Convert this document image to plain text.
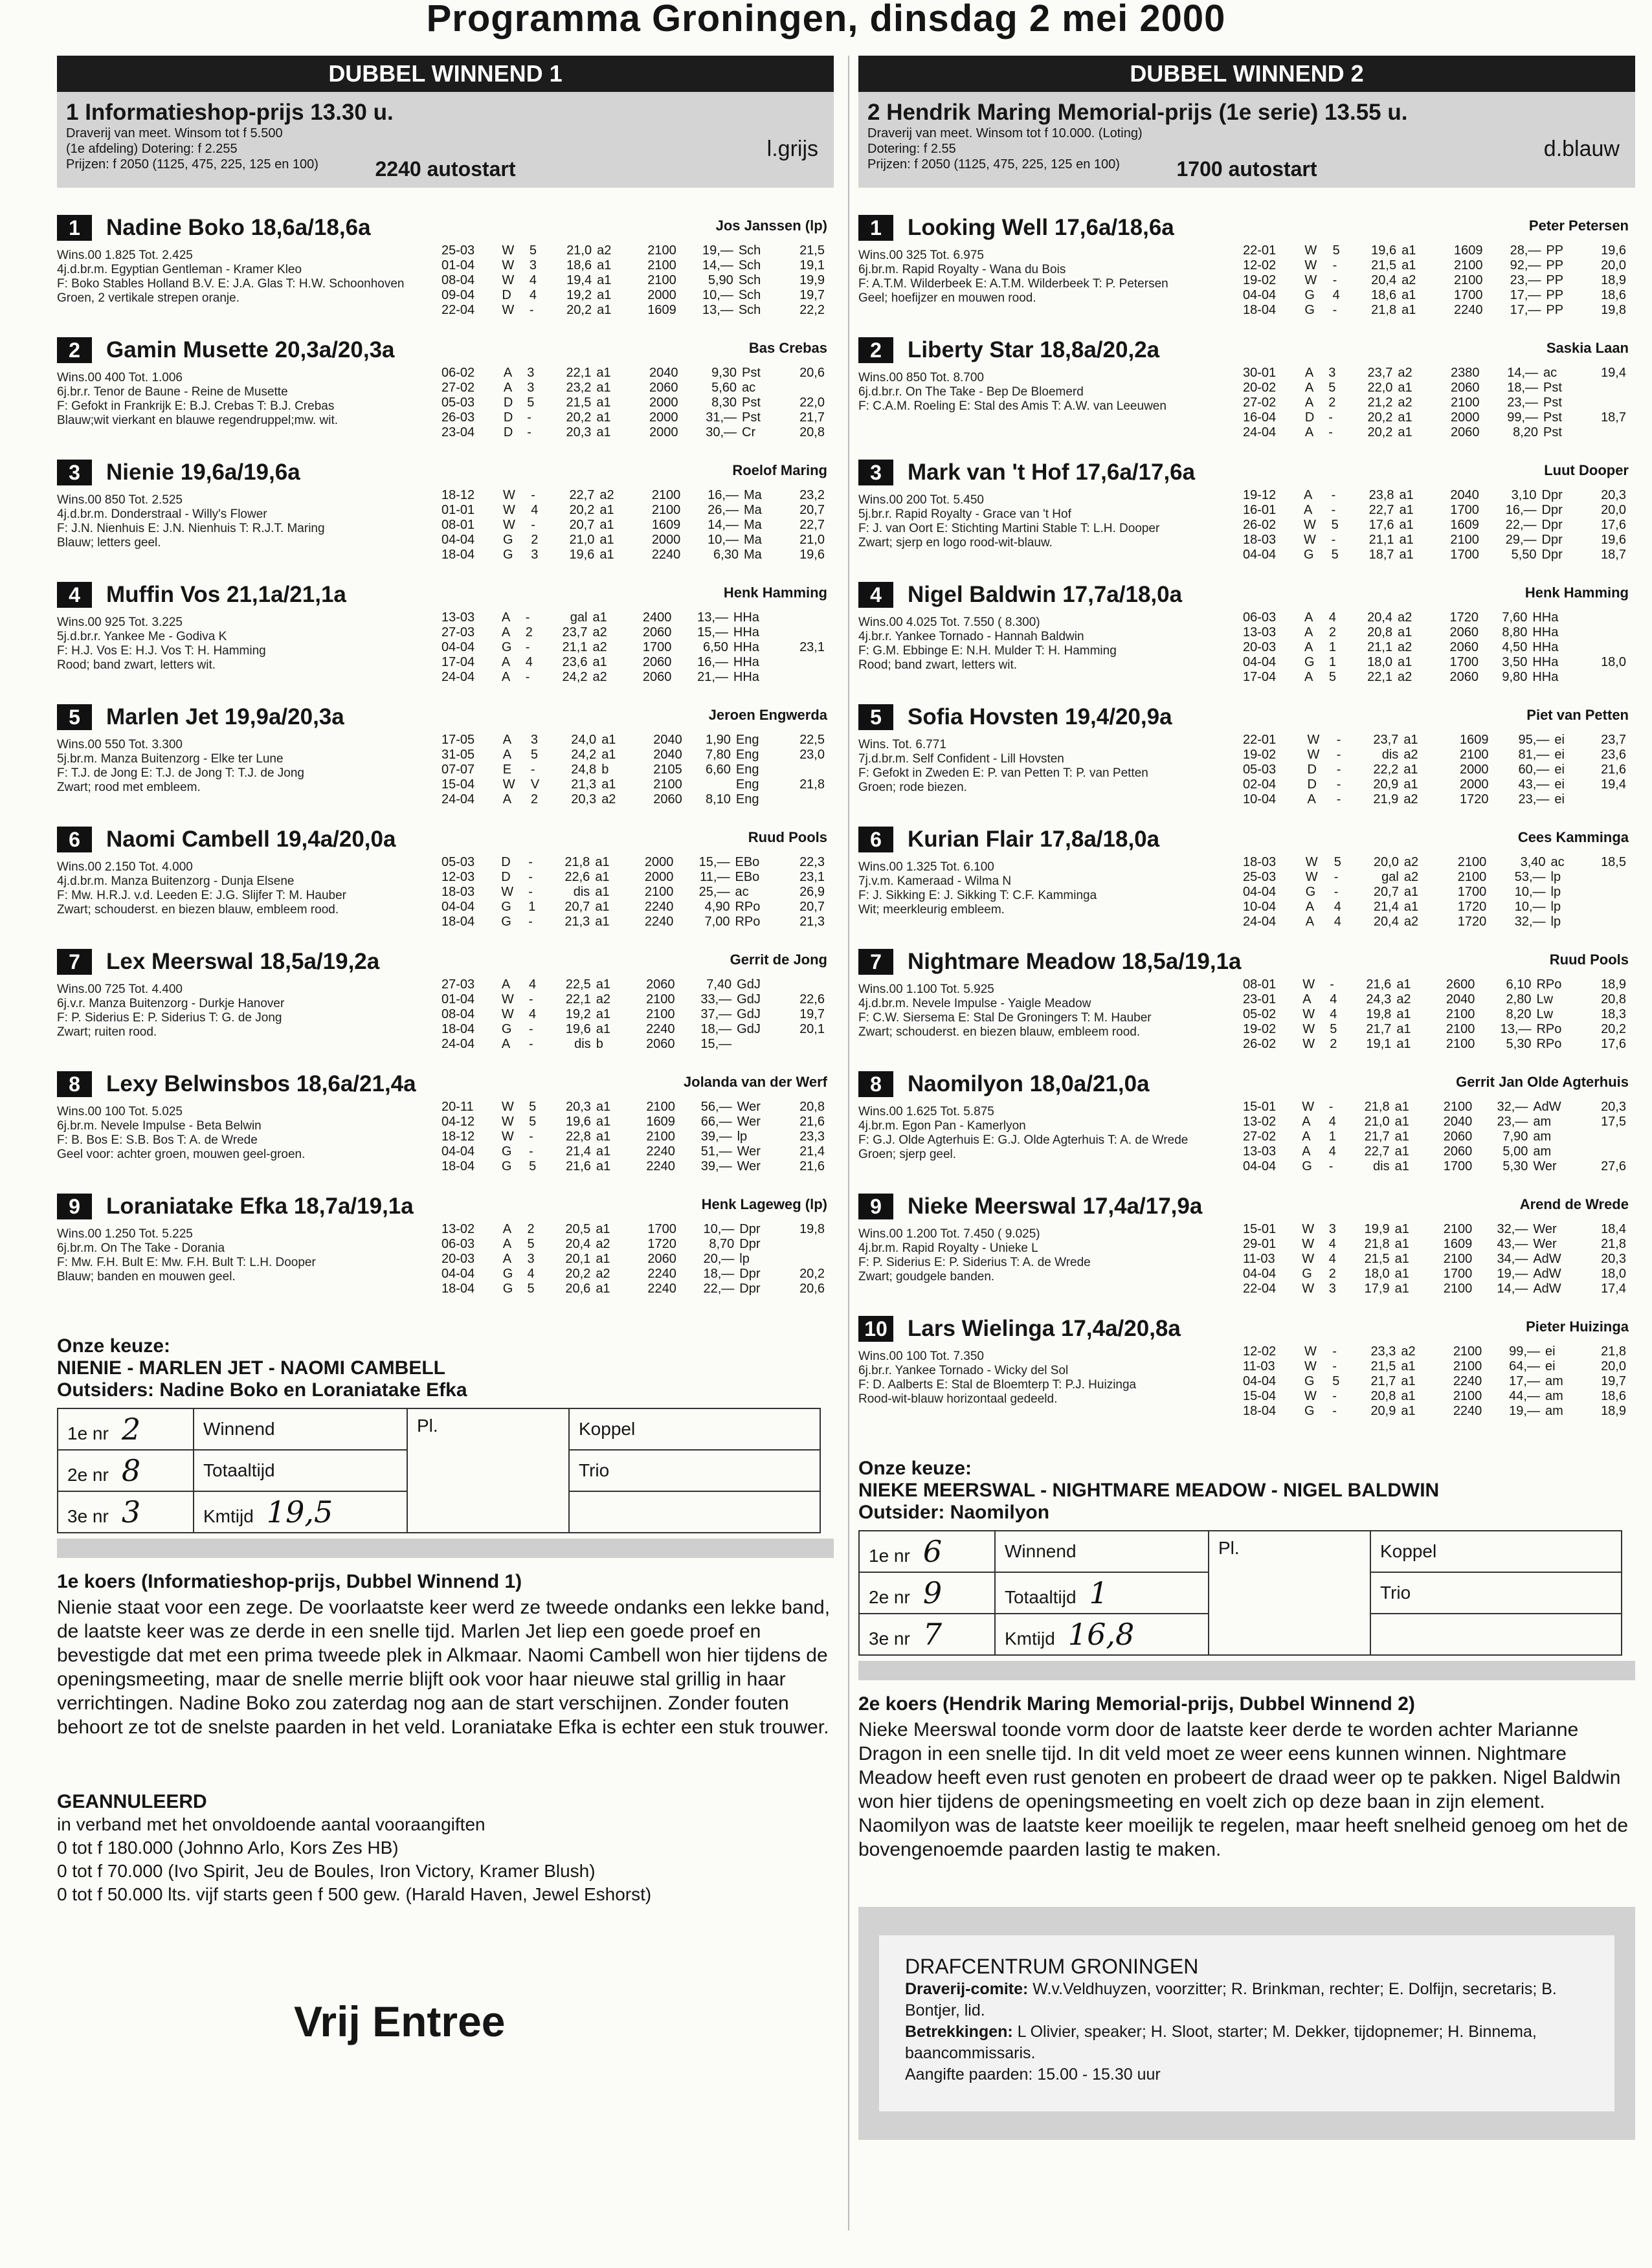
Programma Groningen, dinsdag 2 mei 2000
DUBBEL WINNEND 1
1 Informatieshop-prijs 13.30 u.
Draverij van meet. Winsom tot f 5.500
(1e afdeling) Dotering: f 2.255
Prijzen: f 2050 (1125, 475, 225, 125 en 100)
l.grijs
2240 autostart
1 Nadine Boko 18,6a/18,6a	Jos Janssen (lp)
Wins.00 1.825 Tot. 2.425
4j.d.br.m. Egyptian Gentleman - Kramer Kleo
F: Boko Stables Holland B.V. E: J.A. Glas T: H.W. Schoonhoven
Groen, 2 vertikale strepen oranje.
25-03	W	5	21,0	a2	2100	19,—	Sch	21,5
01-04	W	3	18,6	a1	2100	14,—	Sch	19,1
08-04	W	4	19,4	a1	2100	5,90	Sch	19,9
09-04	D	4	19,2	a1	2000	10,—	Sch	19,7
22-04	W	-	20,2	a1	1609	13,—	Sch	22,2
2 Gamin Musette 20,3a/20,3a	Bas Crebas
Wins.00 400 Tot. 1.006
6j.br.r. Tenor de Baune - Reine de Musette
F: Gefokt in Frankrijk E: B.J. Crebas T: B.J. Crebas
Blauw;wit vierkant en blauwe regendruppel;mw. wit.
06-02	A	3	22,1	a1	2040	9,30	Pst	20,6
27-02	A	3	23,2	a1	2060	5,60	ac	
05-03	D	5	21,5	a1	2000	8,30	Pst	22,0
26-03	D	-	20,2	a1	2000	31,—	Pst	21,7
23-04	D	-	20,3	a1	2000	30,—	Cr	20,8
3 Nienie 19,6a/19,6a	Roelof Maring
Wins.00 850 Tot. 2.525
4j.d.br.m. Donderstraal - Willy's Flower
F: J.N. Nienhuis E: J.N. Nienhuis T: R.J.T. Maring
Blauw; letters geel.
18-12	W	-	22,7	a2	2100	16,—	Ma	23,2
01-01	W	4	20,2	a1	2100	26,—	Ma	20,7
08-01	W	-	20,7	a1	1609	14,—	Ma	22,7
04-04	G	2	21,0	a1	2000	10,—	Ma	21,0
18-04	G	3	19,6	a1	2240	6,30	Ma	19,6
4 Muffin Vos 21,1a/21,1a	Henk Hamming
Wins.00 925 Tot. 3.225
5j.d.br.r. Yankee Me - Godiva K
F: H.J. Vos E: H.J. Vos T: H. Hamming
Rood; band zwart, letters wit.
13-03	A	-	gal	a1	2400	13,—	HHa	
27-03	A	2	23,7	a2	2060	15,—	HHa	
04-04	G	-	21,1	a2	1700	6,50	HHa	23,1
17-04	A	4	23,6	a1	2060	16,—	HHa	
24-04	A	-	24,2	a2	2060	21,—	HHa	
5 Marlen Jet 19,9a/20,3a	Jeroen Engwerda
Wins.00 550 Tot. 3.300
5j.br.m. Manza Buitenzorg - Elke ter Lune
F: T.J. de Jong E: T.J. de Jong T: T.J. de Jong
Zwart; rood met embleem.
17-05	A	3	24,0	a1	2040	1,90	Eng	22,5
31-05	A	5	24,2	a1	2040	7,80	Eng	23,0
07-07	E	-	24,8	b	2105	6,60	Eng	
15-04	W	V	21,3	a1	2100		Eng	21,8
24-04	A	2	20,3	a2	2060	8,10	Eng	
6 Naomi Cambell 19,4a/20,0a	Ruud Pools
Wins.00 2.150 Tot. 4.000
4j.d.br.m. Manza Buitenzorg - Dunja Elsene
F: Mw. H.R.J. v.d. Leeden E: J.G. Slijfer T: M. Hauber
Zwart; schouderst. en biezen blauw, embleem rood.
05-03	D	-	21,8	a1	2000	15,—	EBo	22,3
12-03	D	-	22,6	a1	2000	11,—	EBo	23,1
18-03	W	-	dis	a1	2100	25,—	ac	26,9
04-04	G	1	20,7	a1	2240	4,90	RPo	20,7
18-04	G	-	21,3	a1	2240	7,00	RPo	21,3
7 Lex Meerswal 18,5a/19,2a	Gerrit de Jong
Wins.00 725 Tot. 4.400
6j.v.r. Manza Buitenzorg - Durkje Hanover
F: P. Siderius E: P. Siderius T: G. de Jong
Zwart; ruiten rood.
27-03	A	4	22,5	a1	2060	7,40	GdJ	
01-04	W	-	22,1	a2	2100	33,—	GdJ	22,6
08-04	W	4	19,2	a1	2100	37,—	GdJ	19,7
18-04	G	-	19,6	a1	2240	18,—	GdJ	20,1
24-04	A	-	dis	b	2060	15,—		
8 Lexy Belwinsbos 18,6a/21,4a	Jolanda van der Werf
Wins.00 100 Tot. 5.025
6j.br.m. Nevele Impulse - Beta Belwin
F: B. Bos E: S.B. Bos T: A. de Wrede
Geel voor: achter groen, mouwen geel-groen.
20-11	W	5	20,3	a1	2100	56,—	Wer	20,8
04-12	W	5	19,6	a1	1609	66,—	Wer	21,6
18-12	W	-	22,8	a1	2100	39,—	lp	23,3
04-04	G	-	21,4	a1	2240	51,—	Wer	21,4
18-04	G	5	21,6	a1	2240	39,—	Wer	21,6
9 Loraniatake Efka 18,7a/19,1a	Henk Lageweg (lp)
Wins.00 1.250 Tot. 5.225
6j.br.m. On The Take - Dorania
F: Mw. F.H. Bult E: Mw. F.H. Bult T: L.H. Dooper
Blauw; banden en mouwen geel.
13-02	A	2	20,5	a1	1700	10,—	Dpr	19,8
06-03	A	5	20,4	a2	1720	8,70	Dpr	
20-03	A	3	20,1	a1	2060	20,—	lp	
04-04	G	4	20,2	a2	2240	18,—	Dpr	20,2
18-04	G	5	20,6	a1	2240	22,—	Dpr	20,6
Onze keuze:
NIENIE - MARLEN JET - NAOMI CAMBELL
Outsiders: Nadine Boko en Loraniatake Efka
1e nr 2	Winnend	Pl.	Koppel
2e nr 8	Totaaltijd		Trio
3e nr 3	Kmtijd 19,5		
1e koers (Informatieshop-prijs, Dubbel Winnend 1)
Nienie staat voor een zege. De voorlaatste keer werd ze tweede ondanks een lekke band, de laatste keer was ze derde in een snelle tijd. Marlen Jet liep een goede proef en bevestigde dat met een prima tweede plek in Alkmaar. Naomi Cambell won hier tijdens de openingsmeeting, maar de snelle merrie blijft ook voor haar nieuwe stal grillig in haar verrichtingen. Nadine Boko zou zaterdag nog aan de start verschijnen. Zonder fouten behoort ze tot de snelste paarden in het veld. Loraniatake Efka is echter een stuk trouwer.
GEANNULEERD
in verband met het onvoldoende aantal vooraangiften
0 tot f 180.000 (Johnno Arlo, Kors Zes HB)
0 tot f 70.000 (Ivo Spirit, Jeu de Boules, Iron Victory, Kramer Blush)
0 tot f 50.000 lts. vijf starts geen f 500 gew. (Harald Haven, Jewel Eshorst)
Vrij Entree
DUBBEL WINNEND 2
2 Hendrik Maring Memorial-prijs (1e serie) 13.55 u.
Draverij van meet. Winsom tot f 10.000. (Loting)
Dotering: f 2.55
Prijzen: f 2050 (1125, 475, 225, 125 en 100)
d.blauw
1700 autostart
1 Looking Well 17,6a/18,6a	Peter Petersen
Wins.00 325 Tot. 6.975
6j.br.m. Rapid Royalty - Wana du Bois
F: A.T.M. Wilderbeek E: A.T.M. Wilderbeek T: P. Petersen
Geel; hoefijzer en mouwen rood.
22-01	W	5	19,6	a1	1609	28,—	PP	19,6
12-02	W	-	21,5	a1	2100	92,—	PP	20,0
19-02	W	-	20,4	a2	2100	23,—	PP	18,9
04-04	G	4	18,6	a1	1700	17,—	PP	18,6
18-04	G	-	21,8	a1	2240	17,—	PP	19,8
2 Liberty Star 18,8a/20,2a	Saskia Laan
Wins.00 850 Tot. 8.700
6j.d.br.r. On The Take - Bep De Bloemerd
F: C.A.M. Roeling E: Stal des Amis T: A.W. van Leeuwen
30-01	A	3	23,7	a2	2380	14,—	ac	19,4
20-02	A	5	22,0	a1	2060	18,—	Pst	
27-02	A	2	21,2	a2	2100	23,—	Pst	
16-04	D	-	20,2	a1	2000	99,—	Pst	18,7
24-04	A	-	20,2	a1	2060	8,20	Pst	
3 Mark van 't Hof 17,6a/17,6a	Luut Dooper
Wins.00 200 Tot. 5.450
5j.br.r. Rapid Royalty - Grace van 't Hof
F: J. van Oort E: Stichting Martini Stable T: L.H. Dooper
Zwart; sjerp en logo rood-wit-blauw.
19-12	A	-	23,8	a1	2040	3,10	Dpr	20,3
16-01	A	-	22,7	a1	1700	16,—	Dpr	20,0
26-02	W	5	17,6	a1	1609	22,—	Dpr	17,6
18-03	W	-	21,1	a1	2100	29,—	Dpr	19,6
04-04	G	5	18,7	a1	1700	5,50	Dpr	18,7
4 Nigel Baldwin 17,7a/18,0a	Henk Hamming
Wins.00 4.025 Tot. 7.550 ( 8.300)
4j.br.r. Yankee Tornado - Hannah Baldwin
F: G.M. Ebbinge E: N.H. Mulder T: H. Hamming
Rood; band zwart, letters wit.
06-03	A	4	20,4	a2	1720	7,60	HHa	
13-03	A	2	20,8	a1	2060	8,80	HHa	
20-03	A	1	21,1	a2	2060	4,50	HHa	
04-04	G	1	18,0	a1	1700	3,50	HHa	18,0
17-04	A	5	22,1	a2	2060	9,80	HHa	
5 Sofia Hovsten 19,4/20,9a	Piet van Petten
Wins. Tot. 6.771
7j.d.br.m. Self Confident - Lill Hovsten
F: Gefokt in Zweden E: P. van Petten T: P. van Petten
Groen; rode biezen.
22-01	W	-	23,7	a1	1609	95,—	ei	23,7
19-02	W	-	dis	a2	2100	81,—	ei	23,6
05-03	D	-	22,2	a1	2000	60,—	ei	21,6
02-04	D	-	20,9	a1	2000	43,—	ei	19,4
10-04	A	-	21,9	a2	1720	23,—	ei	
6 Kurian Flair 17,8a/18,0a	Cees Kamminga
Wins.00 1.325 Tot. 6.100
7j.v.m. Kameraad - Wilma N
F: J. Sikking E: J. Sikking T: C.F. Kamminga
Wit; meerkleurig embleem.
18-03	W	5	20,0	a2	2100	3,40	ac	18,5
25-03	W	-	gal	a2	2100	53,—	lp	
04-04	G	-	20,7	a1	1700	10,—	lp	
10-04	A	4	21,4	a1	1720	10,—	lp	
24-04	A	4	20,4	a2	1720	32,—	lp	
7 Nightmare Meadow 18,5a/19,1a	Ruud Pools
Wins.00 1.100 Tot. 5.925
4j.d.br.m. Nevele Impulse - Yaigle Meadow
F: C.W. Siersema E: Stal De Groningers T: M. Hauber
Zwart; schouderst. en biezen blauw, embleem rood.
08-01	W	-	21,6	a1	2600	6,10	RPo	18,9
23-01	A	4	24,3	a2	2040	2,80	Lw	20,8
05-02	W	4	19,8	a1	2100	8,20	Lw	18,3
19-02	W	5	21,7	a1	2100	13,—	RPo	20,2
26-02	W	2	19,1	a1	2100	5,30	RPo	17,6
8 Naomilyon 18,0a/21,0a	Gerrit Jan Olde Agterhuis
Wins.00 1.625 Tot. 5.875
4j.br.m. Egon Pan - Kamerlyon
F: G.J. Olde Agterhuis E: G.J. Olde Agterhuis T: A. de Wrede
Groen; sjerp geel.
15-01	W	-	21,8	a1	2100	32,—	AdW	20,3
13-02	A	4	21,0	a1	2040	23,—	am	17,5
27-02	A	1	21,7	a1	2060	7,90	am	
13-03	A	4	22,7	a1	2060	5,00	am	
04-04	G	-	dis	a1	1700	5,30	Wer	27,6
9 Nieke Meerswal 17,4a/17,9a	Arend de Wrede
Wins.00 1.200 Tot. 7.450 ( 9.025)
4j.br.m. Rapid Royalty - Unieke L
F: P. Siderius E: P. Siderius T: A. de Wrede
Zwart; goudgele banden.
15-01	W	3	19,9	a1	2100	32,—	Wer	18,4
29-01	W	4	21,8	a1	1609	43,—	Wer	21,8
11-03	W	4	21,5	a1	2100	34,—	AdW	20,3
04-04	G	2	18,0	a1	1700	19,—	AdW	18,0
22-04	W	3	17,9	a1	2100	14,—	AdW	17,4
10 Lars Wielinga 17,4a/20,8a	Pieter Huizinga
Wins.00 100 Tot. 7.350
6j.br.r. Yankee Tornado - Wicky del Sol
F: D. Aalberts E: Stal de Bloemterp T: P.J. Huizinga
Rood-wit-blauw horizontaal gedeeld.
12-02	W	-	23,3	a2	2100	99,—	ei	21,8
11-03	W	-	21,5	a1	2100	64,—	ei	20,0
04-04	G	5	21,7	a1	2240	17,—	am	19,7
15-04	W	-	20,8	a1	2100	44,—	am	18,6
18-04	G	-	20,9	a1	2240	19,—	am	18,9
Onze keuze:
NIEKE MEERSWAL - NIGHTMARE MEADOW - NIGEL BALDWIN
Outsider: Naomilyon
1e nr 6	Winnend	Pl.	Koppel
2e nr 9	Totaaltijd 1		Trio
3e nr 7	Kmtijd 16,8		
2e koers (Hendrik Maring Memorial-prijs, Dubbel Winnend 2)
Nieke Meerswal toonde vorm door de laatste keer derde te worden achter Marianne Dragon in een snelle tijd. In dit veld moet ze weer eens kunnen winnen. Nightmare Meadow heeft even rust genoten en probeert de draad weer op te pakken. Nigel Baldwin won hier tijdens de openingsmeeting en voelt zich op deze baan in zijn element. Naomilyon was de laatste keer moeilijk te regelen, maar heeft snelheid genoeg om het de bovengenoemde paarden lastig te maken.
DRAFCENTRUM GRONINGEN
Draverij-comite: W.v.Veldhuyzen, voorzitter; R. Brinkman, rechter; E. Dolfijn, secretaris; B. Bontjer, lid.
Betrekkingen: L Olivier, speaker; H. Sloot, starter; M. Dekker, tijdopnemer; H. Binnema, baancommissaris.
Aangifte paarden: 15.00 - 15.30 uur
